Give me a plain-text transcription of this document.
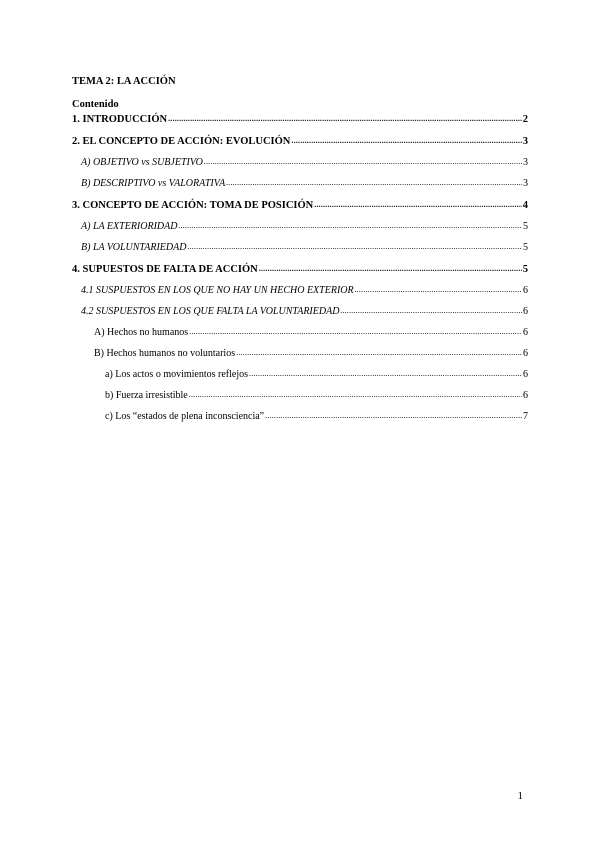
TEMA 2: LA ACCIÓN
Contenido
1. INTRODUCCIÓN .....	2
2. EL CONCEPTO DE ACCIÓN: EVOLUCIÓN .....	3
A) OBJETIVO vs SUBJETIVO .....	3
B) DESCRIPTIVO vs VALORATIVA .....	3
3. CONCEPTO DE ACCIÓN: TOMA DE POSICIÓN .....	4
A) LA EXTERIORIDAD .....	5
B) LA VOLUNTARIEDAD .....	5
4. SUPUESTOS DE FALTA DE ACCIÓN .....	5
4.1 SUSPUESTOS EN LOS QUE NO HAY UN HECHO EXTERIOR .....	6
4.2 SUSPUESTOS EN LOS QUE FALTA LA VOLUNTARIEDAD .....	6
A) Hechos no humanos .....	6
B) Hechos humanos no voluntarios .....	6
a) Los actos o movimientos reflejos .....	6
b) Fuerza irresistible .....	6
c) Los “estados de plena inconsciencia” .....	7
1
